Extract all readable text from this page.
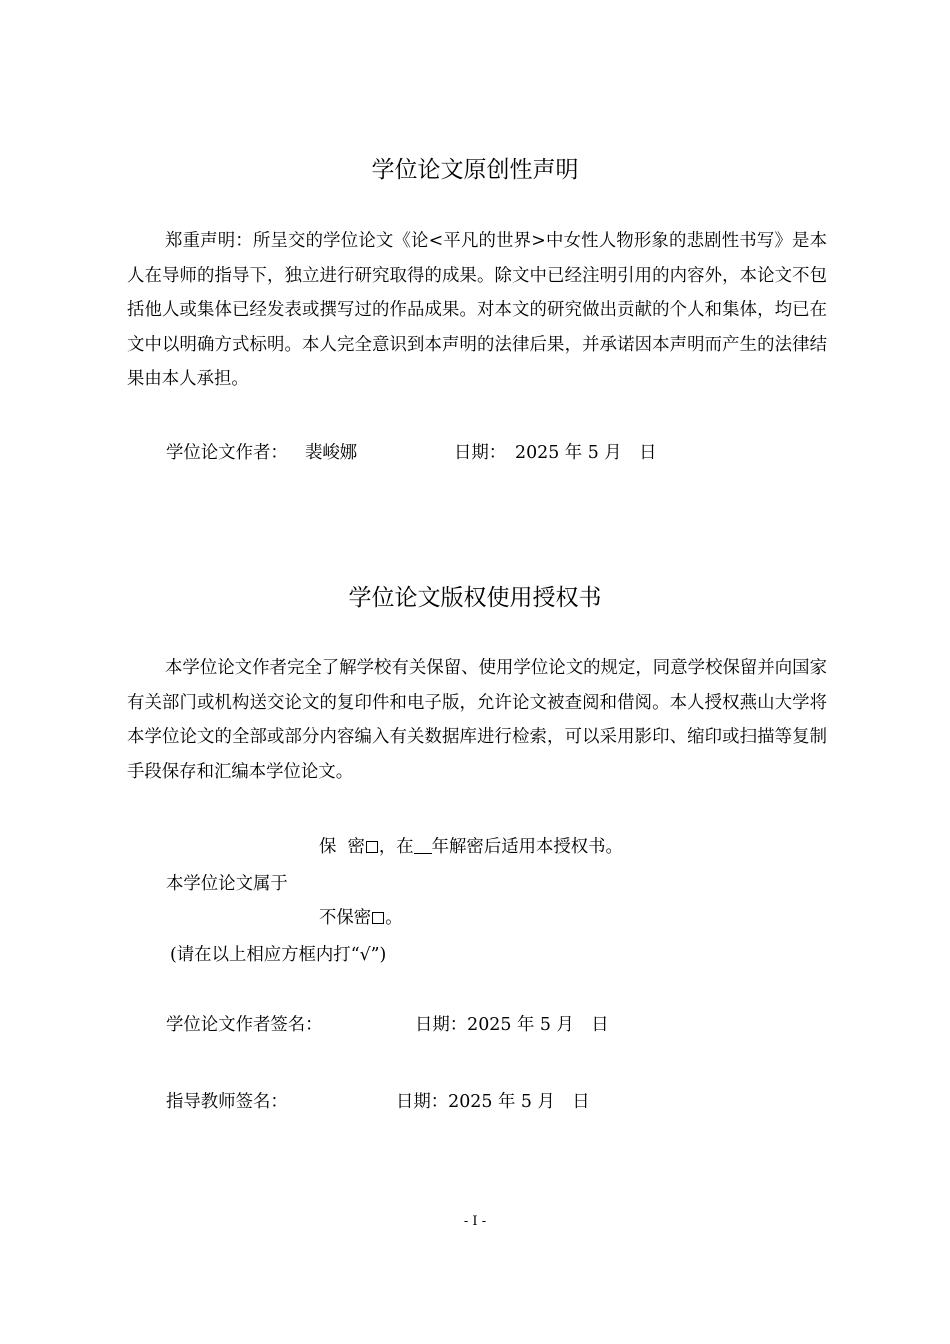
学位论文原创性声明
郑重声明：所呈交的学位论文《论<平凡的世界>中女性人物形象的悲剧性书写》是本人在导师的指导下，独立进行研究取得的成果。除文中已经注明引用的内容外，本论文不包括他人或集体已经发表或撰写过的作品成果。对本文的研究做出贡献的个人和集体，均已在文中以明确方式标明。本人完全意识到本声明的法律后果，并承诺因本声明而产生的法律结果由本人承担。
学位论文作者： 裴峻娜	日期： 2025 年 5 月　日
学位论文版权使用授权书
本学位论文作者完全了解学校有关保留、使用学位论文的规定，同意学校保留并向国家有关部门或机构送交论文的复印件和电子版，允许论文被查阅和借阅。本人授权燕山大学将本学位论文的全部或部分内容编入有关数据库进行检索，可以采用影印、缩印或扫描等复制手段保存和汇编本学位论文。
保  密 ，在 年解密后适用本授权书。
本学位论文属于
不保密 。
(请在以上相应方框内打“√”)
学位论文作者签名：	日期：2025 年 5 月　日
指导教师签名：	日期：2025 年 5 月　日
- I -
